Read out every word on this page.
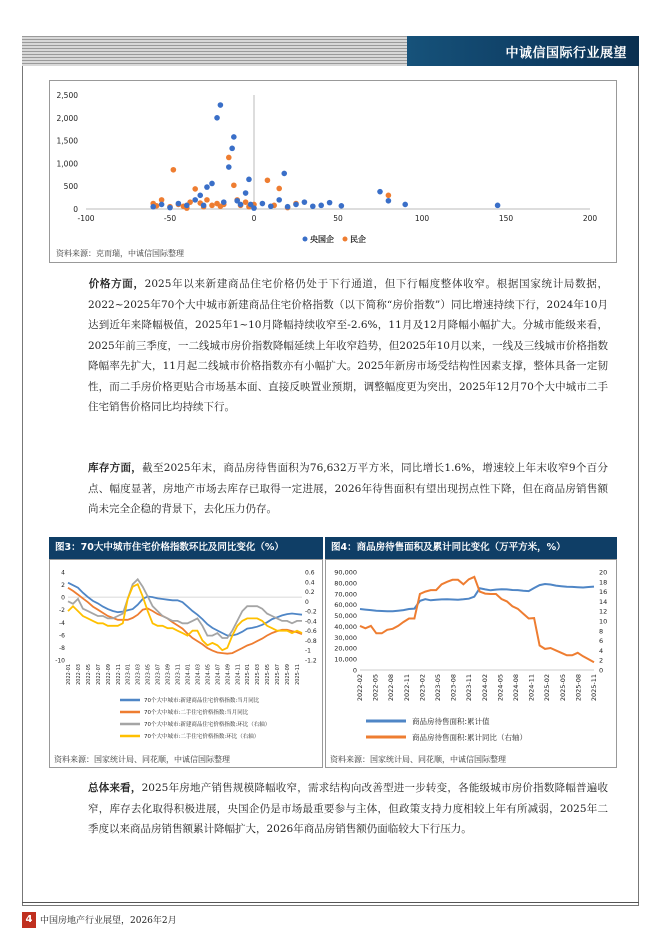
中诚信国际行业展望
2,500
2,000
1,500
1,000
500
0
-100	-50	0	50	100	150	200
央国企 民企
资料来源：克而瑞，中诚信国际整理
价格方面，2025年以来新建商品住宅价格仍处于下行通道，但下行幅度整体收窄。根据国家统计局数据，2022~2025年70个大中城市新建商品住宅价格指数（以下简称“房价指数”）同比增速持续下行，2024年10月达到近年来降幅极值，2025年1~10月降幅持续收窄至-2.6%，11月及12月降幅小幅扩大。分城市能级来看，2025年前三季度，一二线城市房价指数降幅延续上年收窄趋势，但2025年10月以来，一线及三线城市价格指数降幅率先扩大，11月起二线城市价格指数亦有小幅扩大。2025年新房市场受结构性因素支撑，整体具备一定韧性，而二手房价格更贴合市场基本面、直接反映置业预期，调整幅度更为突出，2025年12月70个大中城市二手住宅销售价格同比均持续下行。
库存方面，截至2025年末，商品房待售面积为76,632万平方米，同比增长1.6%，增速较上年末收窄9个百分点、幅度显著，房地产市场去库存已取得一定进展，2026年待售面积有望出现拐点性下降，但在商品房销售额尚未完全企稳的背景下，去化压力仍存。
图3：70大中城市住宅价格指数环比及同比变化（%）
4
2
0
-2
-4
-6
-8
-10
0.6
0.4
0.2
0
-0.2
-0.4
-0.6
-0.8
-1
-1.2
2022-01 2022-03 2022-05 2022-07 2022-09 2022-11 2023-01 2023-03 2023-05 2023-07 2023-09 2023-11 2024-01 2024-03 2024-05 2024-07 2024-09 2024-11 2025-01 2025-03 2025-05 2025-07 2025-09 2025-11
70个大中城市:新建商品住宅价格指数:当月同比
70个大中城市:二手住宅价格指数:当月同比
70个大中城市:新建商品住宅价格指数:环比（右轴）
70个大中城市:二手住宅价格指数:环比（右轴）
资料来源：国家统计局、同花顺，中诚信国际整理
图4：商品房待售面积及累计同比变化（万平方米，%）
90,000
80,000
70,000
60,000
50,000
40,000
30,000
20,000
10,000
0
20
18
16
14
12
10
8
6
4
2
0
2022-02 2022-05 2022-08 2022-11 2023-02 2023-05 2023-08 2023-11 2024-02 2024-05 2024-08 2024-11 2025-02 2025-05 2025-08 2025-11
商品房待售面积:累计值
商品房待售面积:累计同比（右轴）
资料来源：国家统计局、同花顺，中诚信国际整理
总体来看，2025年房地产销售规模降幅收窄，需求结构向改善型进一步转变，各能级城市房价指数降幅普遍收窄，库存去化取得积极进展，央国企仍是市场最重要参与主体，但政策支持力度相较上年有所减弱，2025年二季度以来商品房销售额累计降幅扩大，2026年商品房销售额仍面临较大下行压力。
4 中国房地产行业展望，2026年2月
